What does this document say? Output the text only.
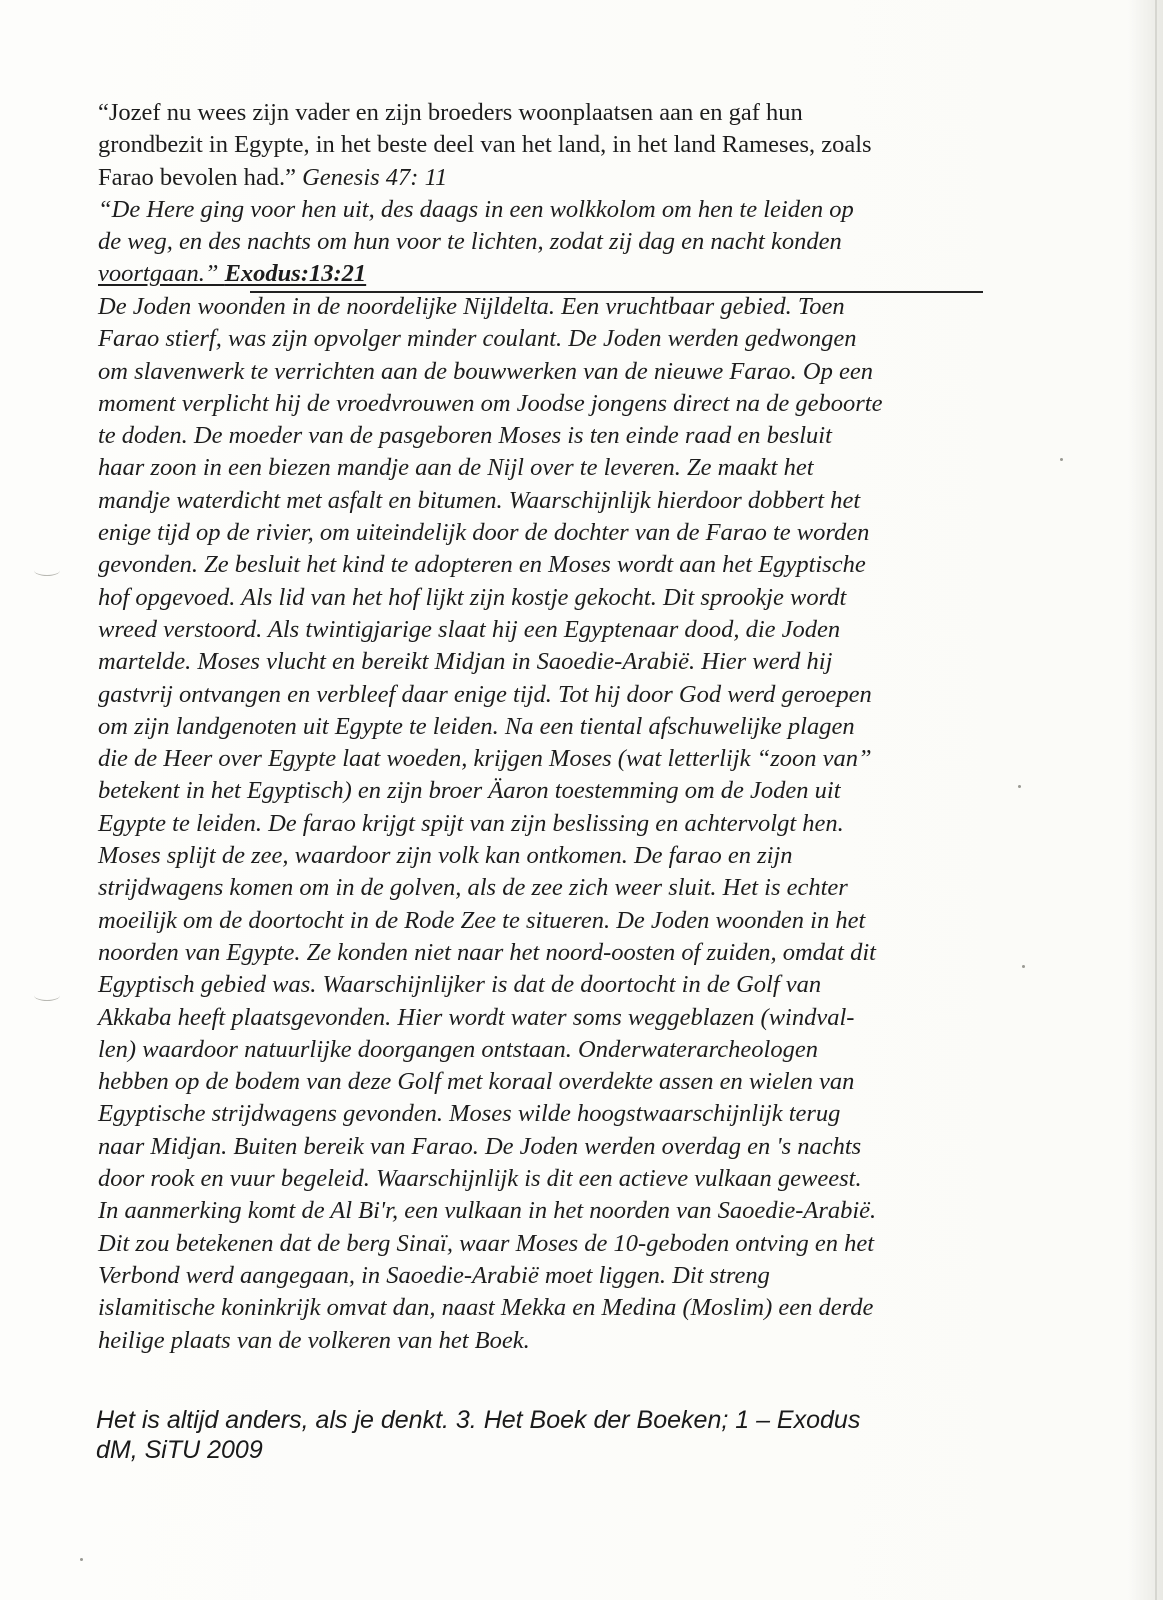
“Jozef nu wees zijn vader en zijn broeders woonplaatsen aan en gaf hun

grondbezit in Egypte, in het beste deel van het land, in het land Rameses, zoals

Farao bevolen had.” Genesis 47: 11

“De Here ging voor hen uit, des daags in een wolkkolom om hen te leiden op

de weg, en des nachts om hun voor te lichten, zodat zij dag en nacht konden

voortgaan.” Exodus:13:21

De Joden woonden in de noordelijke Nijldelta. Een vruchtbaar gebied. Toen

Farao stierf, was zijn opvolger minder coulant. De Joden werden gedwongen

om slavenwerk te verrichten aan de bouwwerken van de nieuwe Farao. Op een

moment verplicht hij de vroedvrouwen om Joodse jongens direct na de geboorte

te doden. De moeder van de pasgeboren Moses is ten einde raad en besluit

haar zoon in een biezen mandje aan de Nijl over te leveren. Ze maakt het

mandje waterdicht met asfalt en bitumen. Waarschijnlijk hierdoor dobbert het

enige tijd op de rivier, om uiteindelijk door de dochter van de Farao te worden

gevonden. Ze besluit het kind te adopteren en Moses wordt aan het Egyptische

hof opgevoed. Als lid van het hof lijkt zijn kostje gekocht. Dit sprookje wordt

wreed verstoord. Als twintigjarige slaat hij een Egyptenaar dood, die Joden

martelde. Moses vlucht en bereikt Midjan in Saoedie-Arabië. Hier werd hij

gastvrij ontvangen en verbleef daar enige tijd. Tot hij door God werd geroepen

om zijn landgenoten uit Egypte te leiden. Na een tiental afschuwelijke plagen

die de Heer over Egypte laat woeden, krijgen Moses (wat letterlijk “zoon van”

betekent in het Egyptisch) en zijn broer Äaron toestemming om de Joden uit

Egypte te leiden. De farao krijgt spijt van zijn beslissing en achtervolgt hen.

Moses splijt de zee, waardoor zijn volk kan ontkomen. De farao en zijn

strijdwagens komen om in de golven, als de zee zich weer sluit. Het is echter

moeilijk om de doortocht in de Rode Zee te situeren. De Joden woonden in het

noorden van Egypte. Ze konden niet naar het noord-oosten of zuiden, omdat dit

Egyptisch gebied was. Waarschijnlijker is dat de doortocht in de Golf van

Akkaba heeft plaatsgevonden. Hier wordt water soms weggeblazen (windval-

len) waardoor natuurlijke doorgangen ontstaan. Onderwaterarcheologen

hebben op de bodem van deze Golf met koraal overdekte assen en wielen van

Egyptische strijdwagens gevonden. Moses wilde hoogstwaarschijnlijk terug

naar Midjan. Buiten bereik van Farao. De Joden werden overdag en 's nachts

door rook en vuur begeleid. Waarschijnlijk is dit een actieve vulkaan geweest.

In aanmerking komt de Al Bi'r, een vulkaan in het noorden van Saoedie-Arabië.

Dit zou betekenen dat de berg Sinaï, waar Moses de 10-geboden ontving en het

Verbond werd aangegaan, in Saoedie-Arabië moet liggen. Dit streng

islamitische koninkrijk omvat dan, naast Mekka en Medina (Moslim) een derde

heilige plaats van de volkeren van het Boek.

Het is altijd anders, als je denkt. 3. Het Boek der Boeken; 1 – Exodus
dM, SiTU 2009
